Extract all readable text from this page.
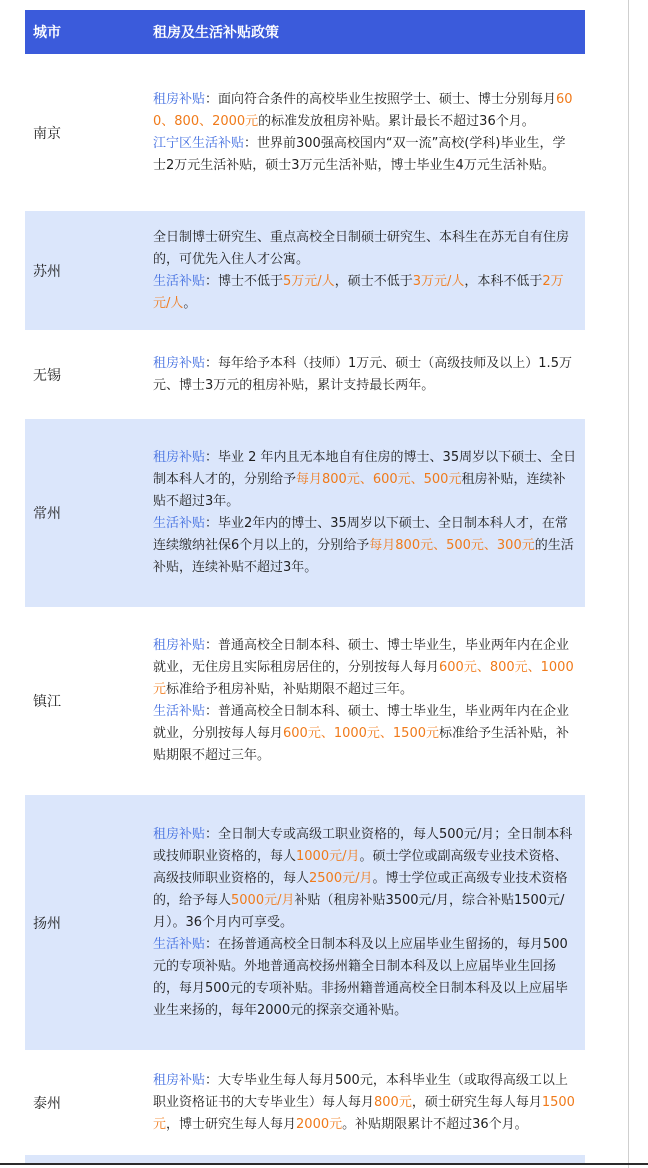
城市	租房及生活补贴政策
南京

租房补贴：面向符合条件的高校毕业生按照学士、硕士、博士分别每月600、800、2000元的标准发放租房补贴。累计最长不超过36个月。

江宁区生活补贴：世界前300强高校国内“双一流”高校(学科)毕业生，学士2万元生活补贴，硕士3万元生活补贴，博士毕业生4万元生活补贴。

苏州

全日制博士研究生、重点高校全日制硕士研究生、本科生在苏无自有住房的，可优先入住人才公寓。

生活补贴：博士不低于5万元/人，硕士不低于3万元/人，本科不低于2万元/人。

无锡

租房补贴：每年给予本科（技师）1万元、硕士（高级技师及以上）1.5万元、博士3万元的租房补贴，累计支持最长两年。

常州

租房补贴：毕业 2 年内且无本地自有住房的博士、35周岁以下硕士、全日制本科人才的，分别给予每月800元、600元、500元租房补贴，连续补贴不超过3年。

生活补贴：毕业2年内的博士、35周岁以下硕士、全日制本科人才，在常连续缴纳社保6个月以上的，分别给予每月800元、500元、300元的生活补贴，连续补贴不超过3年。

镇江

租房补贴：普通高校全日制本科、硕士、博士毕业生，毕业两年内在企业就业，无住房且实际租房居住的，分别按每人每月600元、800元、1000元标准给予租房补贴，补贴期限不超过三年。

生活补贴：普通高校全日制本科、硕士、博士毕业生，毕业两年内在企业就业，分别按每人每月600元、1000元、1500元标准给予生活补贴，补贴期限不超过三年。

扬州

租房补贴：全日制大专或高级工职业资格的，每人500元/月；全日制本科或技师职业资格的，每人1000元/月。硕士学位或副高级专业技术资格、高级技师职业资格的，每人2500元/月。博士学位或正高级专业技术资格的，给予每人5000元/月补贴（租房补贴3500元/月，综合补贴1500元/月）。36个月内可享受。

生活补贴：在扬普通高校全日制本科及以上应届毕业生留扬的，每月500元的专项补贴。外地普通高校扬州籍全日制本科及以上应届毕业生回扬的，每月500元的专项补贴。非扬州籍普通高校全日制本科及以上应届毕业生来扬的，每年2000元的探亲交通补贴。

泰州

租房补贴：大专毕业生每人每月500元，本科毕业生（或取得高级工以上职业资格证书的大专毕业生）每人每月800元，硕士研究生每人每月1500元，博士研究生每人每月2000元。补贴期限累计不超过36个月。
